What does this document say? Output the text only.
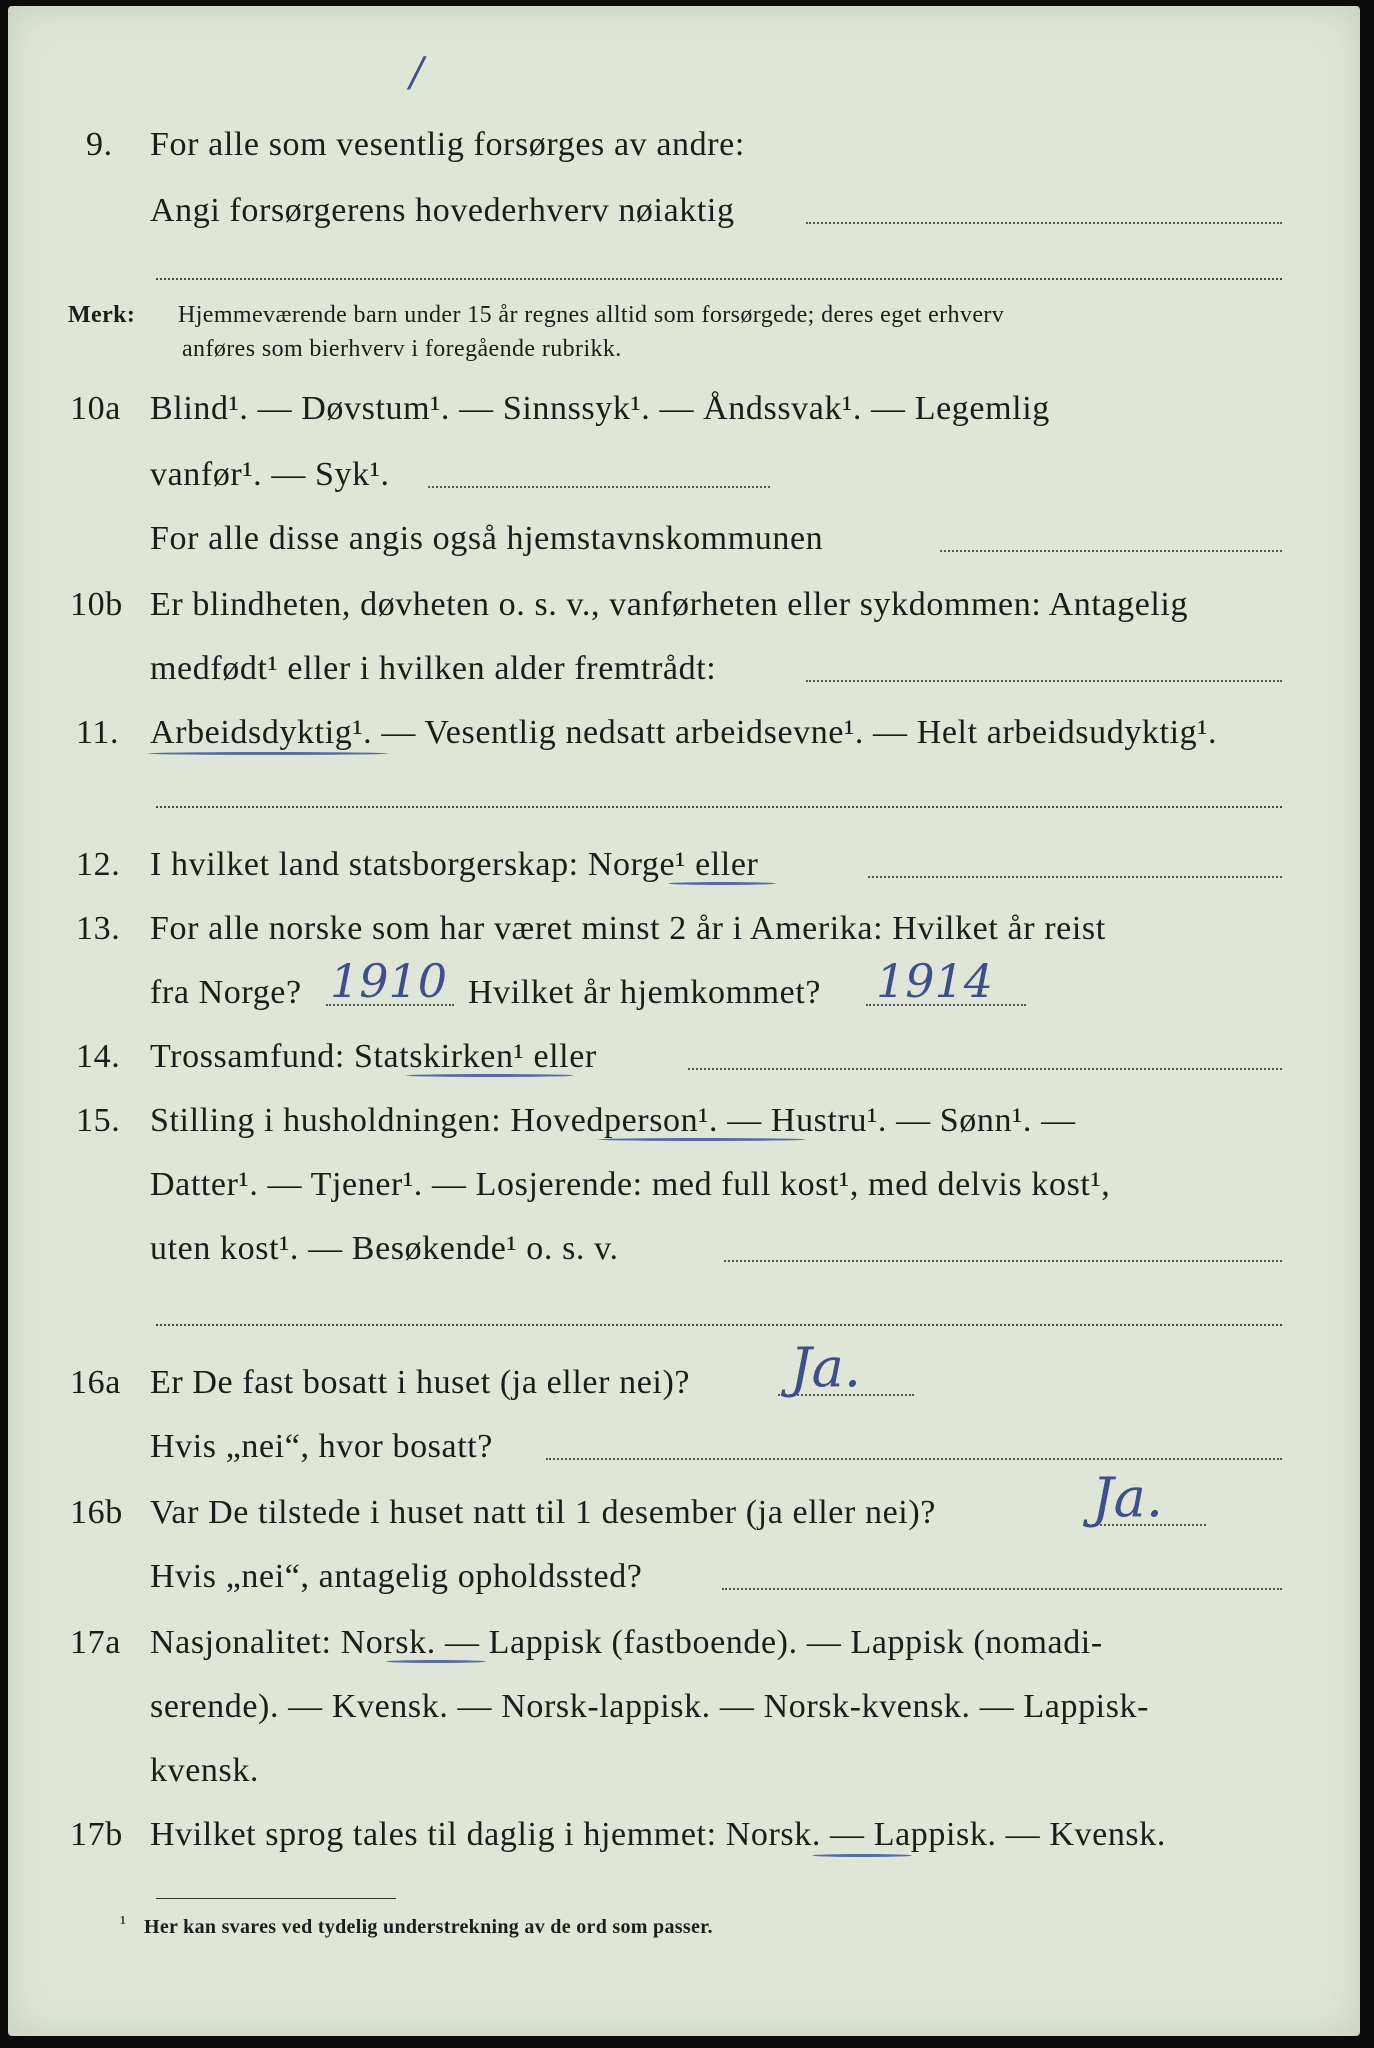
/
9. For alle som vesentlig forsørges av andre:
Angi forsørgerens hovederhverv nøiaktig
Merk: Hjemmeværende barn under 15 år regnes alltid som forsørgede; deres eget erhverv
anføres som bierhverv i foregående rubrikk.
10a Blind¹. — Døvstum¹. — Sinnssyk¹. — Åndssvak¹. — Legemlig
vanfør¹. — Syk¹.
For alle disse angis også hjemstavnskommunen
10b Er blindheten, døvheten o. s. v., vanførheten eller sykdommen: Antagelig
medfødt¹ eller i hvilken alder fremtrådt:
11. Arbeidsdyktig¹. — Vesentlig nedsatt arbeidsevne¹. — Helt arbeidsudyktig¹.
12. I hvilket land statsborgerskap: Norge¹ eller
13. For alle norske som har været minst 2 år i Amerika: Hvilket år reist
fra Norge? 1910 Hvilket år hjemkommet? 1914
14. Trossamfund: Statskirken¹ eller
15. Stilling i husholdningen: Hovedperson¹. — Hustru¹. — Sønn¹. —
Datter¹. — Tjener¹. — Losjerende: med full kost¹, med delvis kost¹,
uten kost¹. — Besøkende¹ o. s. v.
16a Er De fast bosatt i huset (ja eller nei)? Ja.
Hvis „nei“, hvor bosatt?
16b Var De tilstede i huset natt til 1 desember (ja eller nei)?	Ja.
Hvis „nei“, antagelig opholdssted?
17a Nasjonalitet: Norsk. — Lappisk (fastboende). — Lappisk (nomadi-
serende). — Kvensk. — Norsk-lappisk. — Norsk-kvensk. — Lappisk-
kvensk.
17b Hvilket sprog tales til daglig i hjemmet: Norsk. — Lappisk. — Kvensk.
¹ Her kan svares ved tydelig understrekning av de ord som passer.
